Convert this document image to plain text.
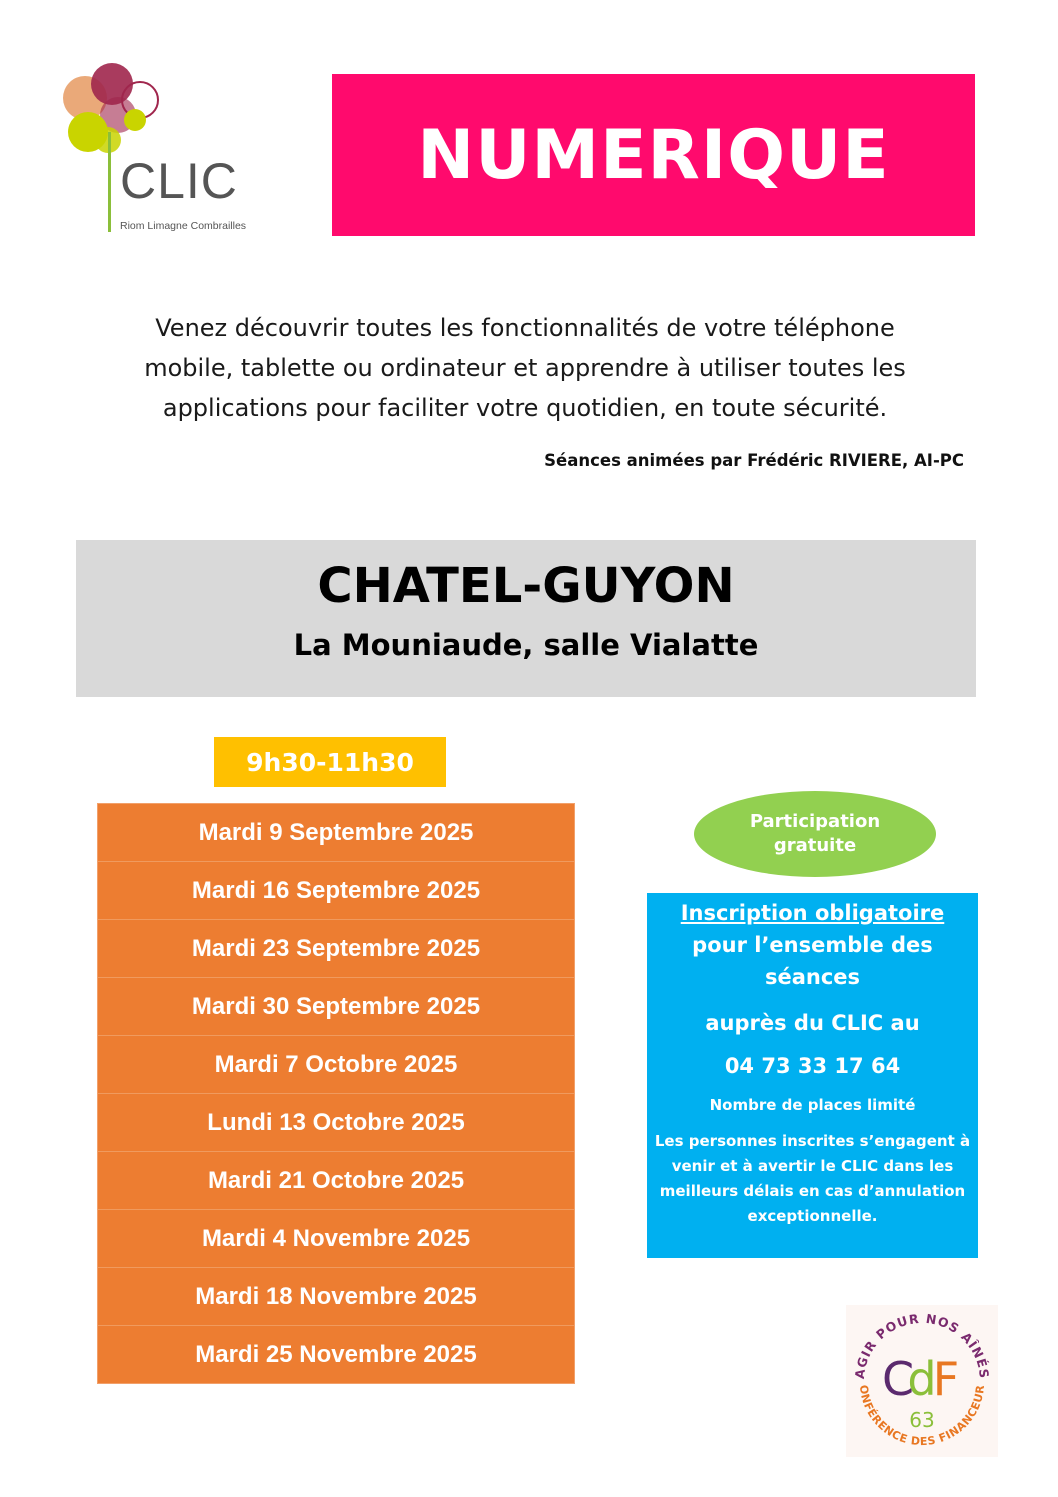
CLIC
Riom Limagne Combrailles
NUMERIQUE
Venez découvrir toutes les fonctionnalités de votre téléphone
mobile, tablette ou ordinateur et apprendre à utiliser toutes les
applications pour faciliter votre quotidien, en toute sécurité.
Séances animées par Frédéric RIVIERE, AI-PC
CHATEL-GUYON
La Mouniaude, salle Vialatte
9h30-11h30
Mardi 9 Septembre 2025
Mardi 16 Septembre 2025
Mardi 23 Septembre 2025
Mardi 30 Septembre 2025
Mardi 7 Octobre 2025
Lundi 13 Octobre 2025
Mardi 21 Octobre 2025
Mardi 4 Novembre 2025
Mardi 18 Novembre 2025
Mardi 25 Novembre 2025
Participation
gratuite
Inscription obligatoire
pour l’ensemble des
séances
auprès du CLIC au
04 73 33 17 64
Nombre de places limité
Les personnes inscrites s’engagent à venir et à avertir le CLIC dans les meilleurs délais en cas d’annulation exceptionnelle.
AGIR POUR NOS AÎNÉS
ONFÉRENCE DES FINANCEUR
C
d
F
63
